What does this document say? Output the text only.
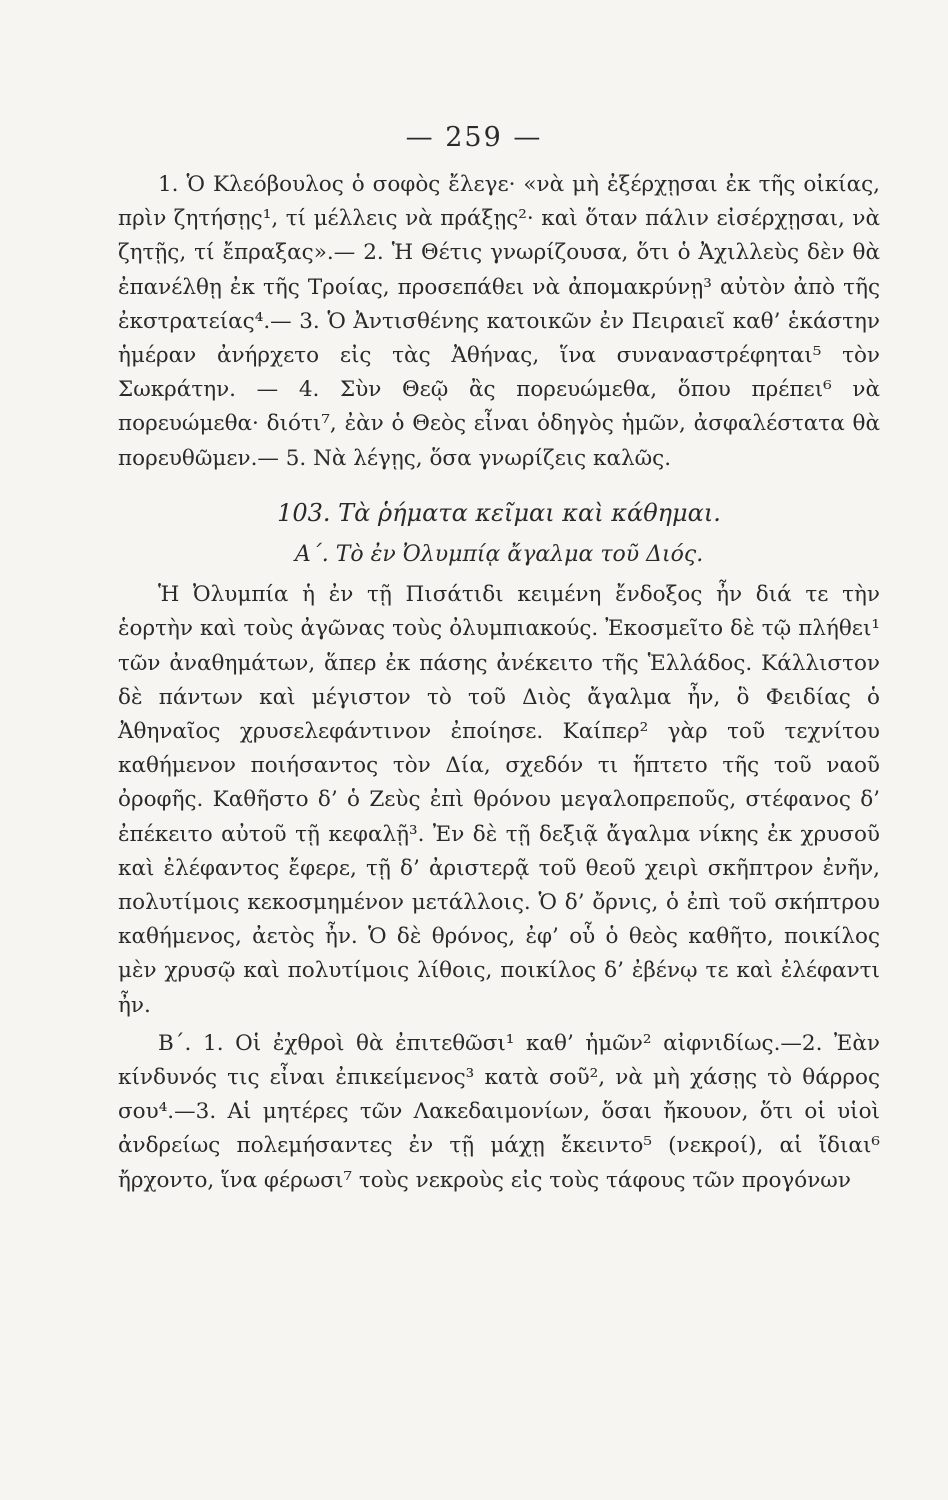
— 259 —

1. Ὁ Κλεόβουλος ὁ σοφὸς ἔλεγε· «νὰ μὴ ἐξέρχῃσαι ἐκ τῆς οἰκίας, πρὶν ζητήσῃς¹, τί μέλλεις νὰ πράξῃς²· καὶ ὅταν πάλιν εἰσέρχῃσαι, νὰ ζητῇς, τί ἔπραξας».— 2. Ἡ Θέτις γνωρίζουσα, ὅτι ὁ Ἀχιλλεὺς δὲν θὰ ἐπανέλθῃ ἐκ τῆς Τροίας, προσεπάθει νὰ ἀπομακρύνῃ³ αὐτὸν ἀπὸ τῆς ἐκστρατείας⁴.— 3. Ὁ Ἀντισθένης κατοικῶν ἐν Πειραιεῖ καθ’ ἑκάστην ἡμέραν ἀνήρχετο εἰς τὰς Ἀθήνας, ἵνα συναναστρέφηται⁵ τὸν Σωκράτην. — 4. Σὺν Θεῷ ἂς πορευώμεθα, ὅπου πρέπει⁶ νὰ πορευώμεθα· διότι⁷, ἐὰν ὁ Θεὸς εἶναι ὁδηγὸς ἡμῶν, ἀσφαλέστατα θὰ πορευθῶμεν.— 5. Νὰ λέγῃς, ὅσα γνωρίζεις καλῶς.

103. Τὰ ῥήματα κεῖμαι καὶ κάθημαι.
Α΄. Τὸ ἐν Ὀλυμπίᾳ ἄγαλμα τοῦ Διός.

Ἡ Ὀλυμπία ἡ ἐν τῇ Πισάτιδι κειμένη ἔνδοξος ἦν διά τε τὴν ἑορτὴν καὶ τοὺς ἀγῶνας τοὺς ὀλυμπιακούς. Ἐκοσμεῖτο δὲ τῷ πλήθει¹ τῶν ἀναθημάτων, ἅπερ ἐκ πάσης ἀνέκειτο τῆς Ἑλλάδος. Κάλλιστον δὲ πάντων καὶ μέγιστον τὸ τοῦ Διὸς ἄγαλμα ἦν, ὃ Φειδίας ὁ Ἀθηναῖος χρυσελεφάντινον ἐποίησε. Καίπερ² γὰρ τοῦ τεχνίτου καθήμενον ποιήσαντος τὸν Δία, σχεδόν τι ἥπτετο τῆς τοῦ ναοῦ ὀροφῆς. Καθῆστο δ’ ὁ Ζεὺς ἐπὶ θρόνου μεγαλοπρεποῦς, στέφανος δ’ ἐπέκειτο αὐτοῦ τῇ κεφαλῇ³. Ἐν δὲ τῇ δεξιᾷ ἄγαλμα νίκης ἐκ χρυσοῦ καὶ ἐλέφαντος ἔφερε, τῇ δ’ ἀριστερᾷ τοῦ θεοῦ χειρὶ σκῆπτρον ἐνῆν, πολυτίμοις κεκοσμημένον μετάλλοις. Ὁ δ’ ὄρνις, ὁ ἐπὶ τοῦ σκήπτρου καθήμενος, ἀετὸς ἦν. Ὁ δὲ θρόνος, ἐφ’ οὗ ὁ θεὸς καθῆτο, ποικίλος μὲν χρυσῷ καὶ πολυτίμοις λίθοις, ποικίλος δ’ ἐβένῳ τε καὶ ἐλέφαντι ἦν.

Β΄. 1. Οἱ ἐχθροὶ θὰ ἐπιτεθῶσι¹ καθ’ ἡμῶν² αἰφνιδίως.—2. Ἐὰν κίνδυνός τις εἶναι ἐπικείμενος³ κατὰ σοῦ², νὰ μὴ χάσῃς τὸ θάρρος σου⁴.—3. Αἱ μητέρες τῶν Λακεδαιμονίων, ὅσαι ἤκουον, ὅτι οἱ υἱοὶ ἀνδρείως πολεμήσαντες ἐν τῇ μάχῃ ἔκειντο⁵ (νεκροί), αἱ ἴδιαι⁶ ἤρχοντο, ἵνα φέρωσι⁷ τοὺς νεκροὺς εἰς τοὺς τάφους τῶν προγόνων
